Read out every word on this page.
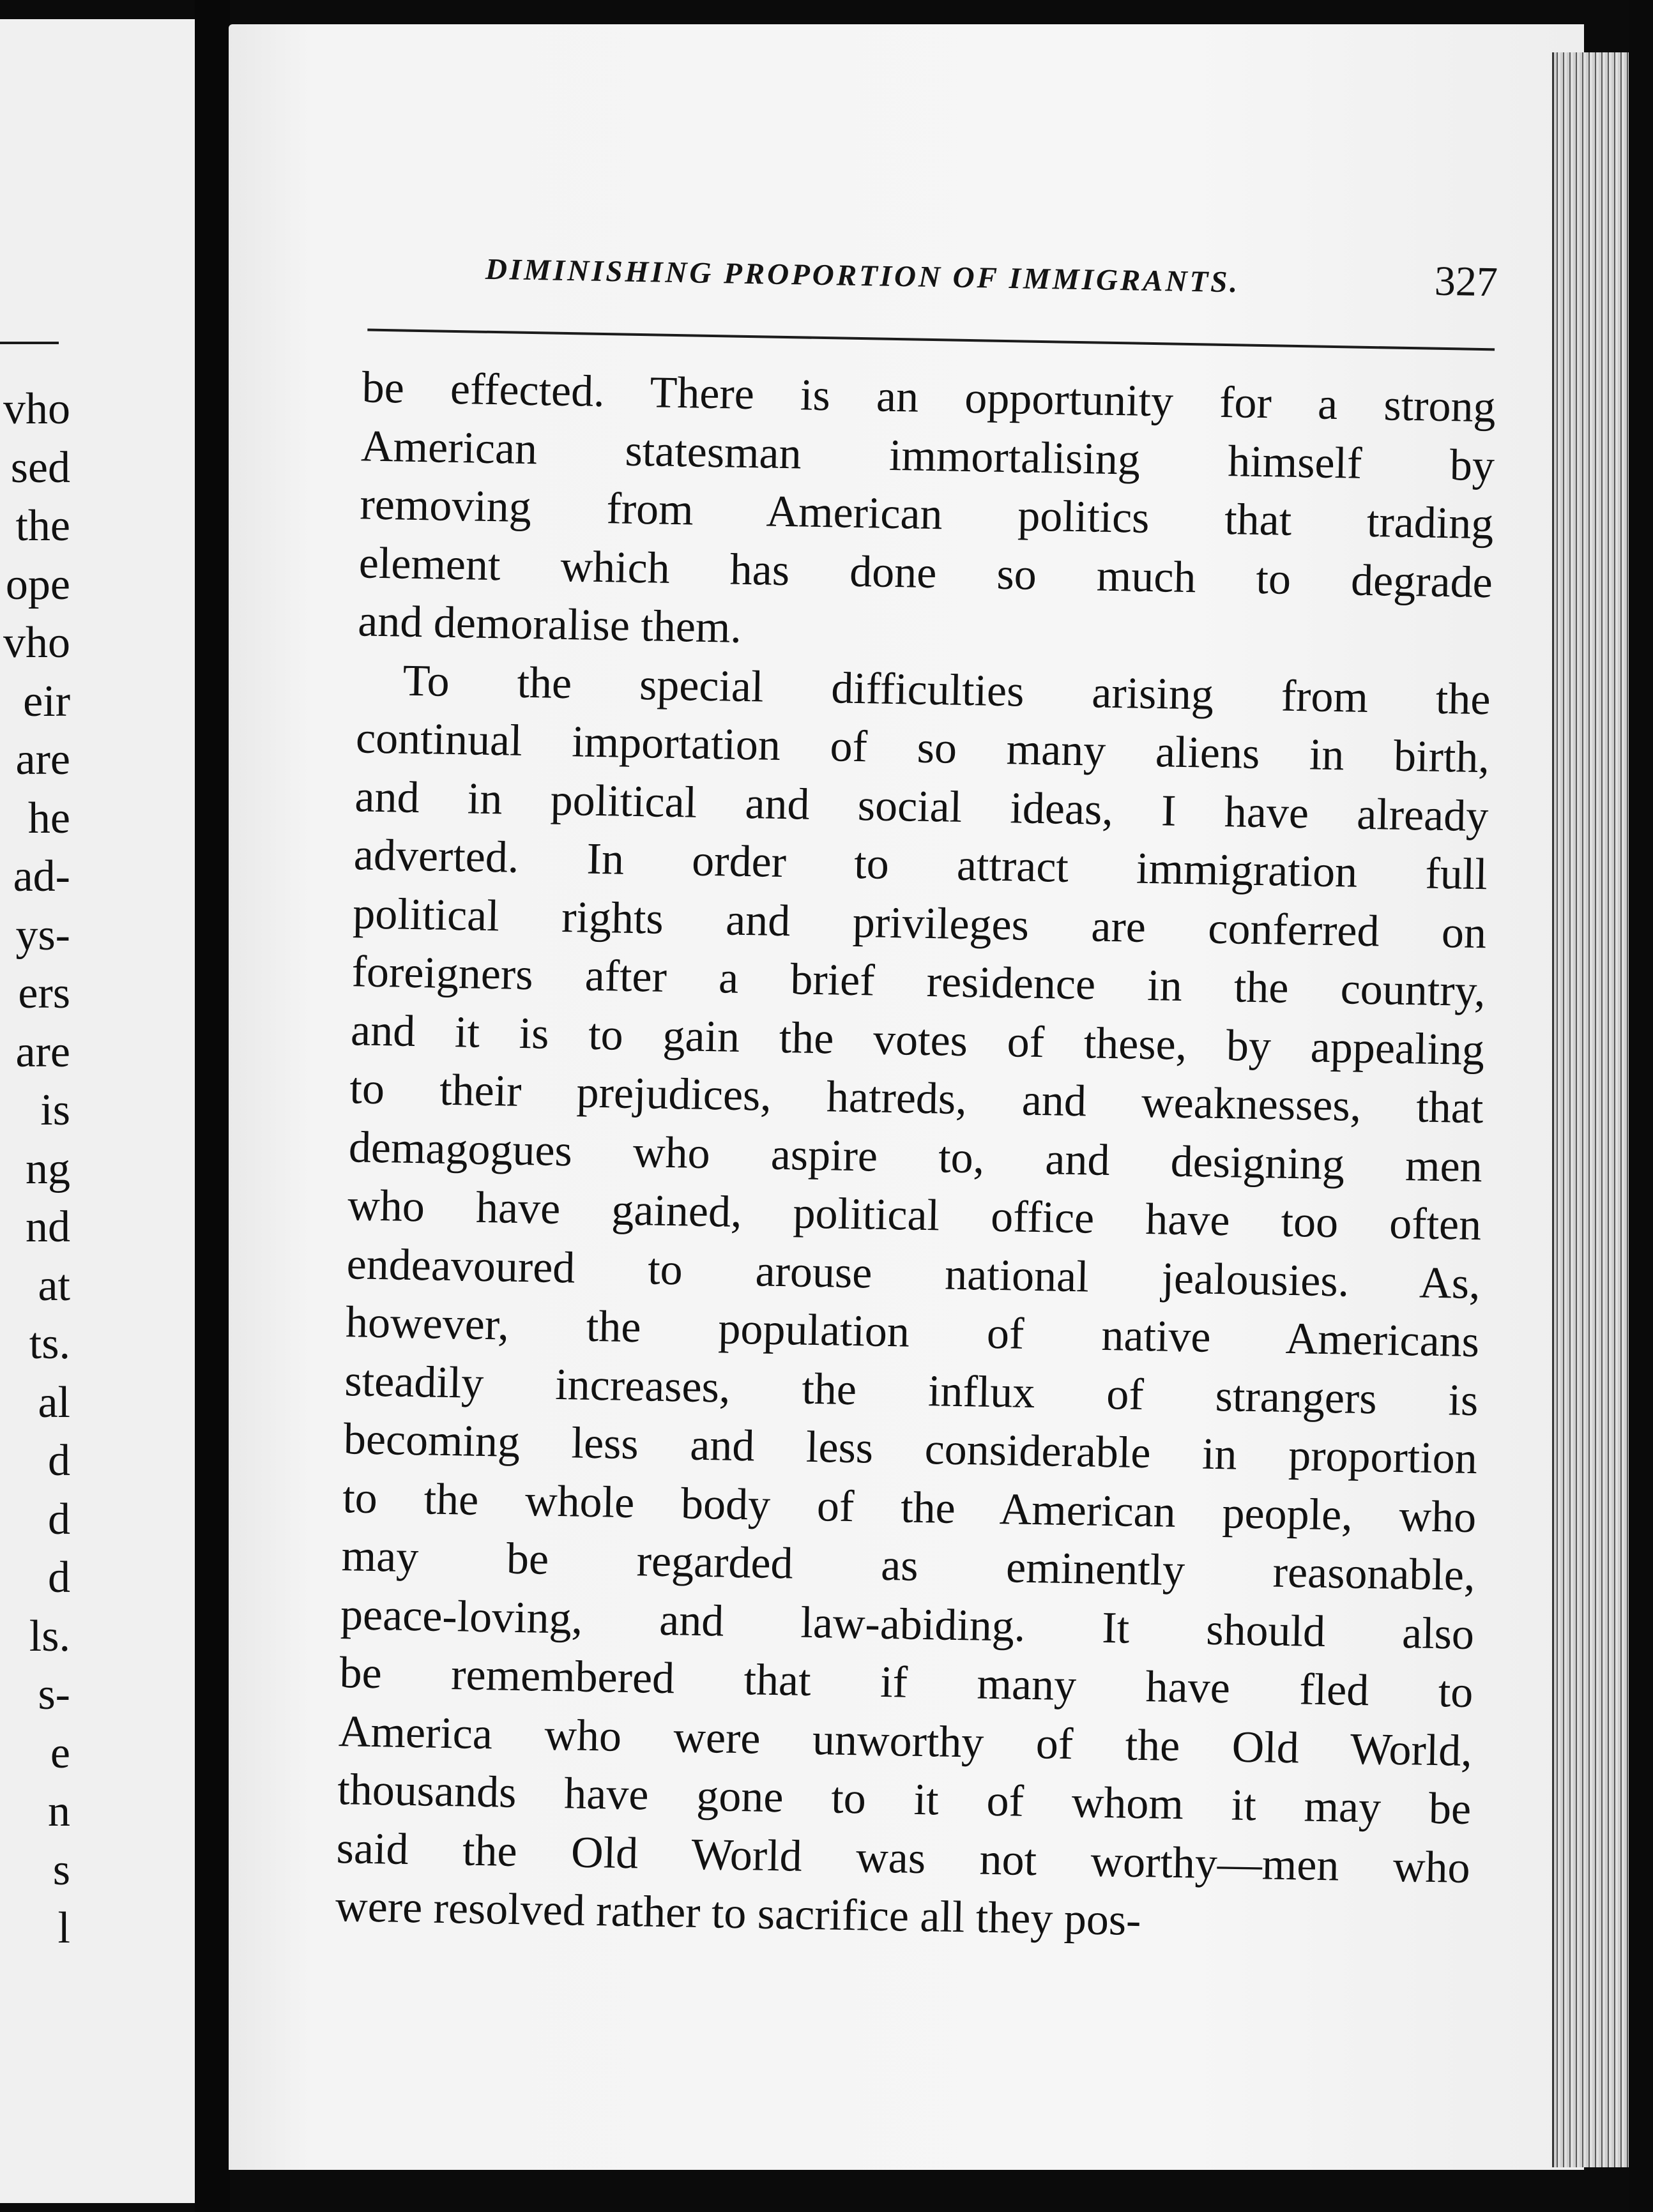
vho
sed
the
ope
vho
eir
are
he
ad-
ys-
ers
are
is
ng
nd
at
ts.
al
d
d
d
ls.
s-
e
n
s
l
DIMINISHING PROPORTION OF IMMIGRANTS.	327
be effected. There is an opportunity for a strong
American statesman immortalising himself by
removing from American politics that trading
element which has done so much to degrade
and demoralise them.
To the special difficulties arising from the
continual importation of so many aliens in birth,
and in political and social ideas, I have already
adverted. In order to attract immigration full
political rights and privileges are conferred on
foreigners after a brief residence in the country,
and it is to gain the votes of these, by appealing
to their prejudices, hatreds, and weaknesses, that
demagogues who aspire to, and designing men
who have gained, political office have too often
endeavoured to arouse national jealousies. As,
however, the population of native Americans
steadily increases, the influx of strangers is
becoming less and less considerable in proportion
to the whole body of the American people, who
may be regarded as eminently reasonable,
peace-loving, and law-abiding. It should also
be remembered that if many have fled to
America who were unworthy of the Old World,
thousands have gone to it of whom it may be
said the Old World was not worthy—men who
were resolved rather to sacrifice all they pos-
